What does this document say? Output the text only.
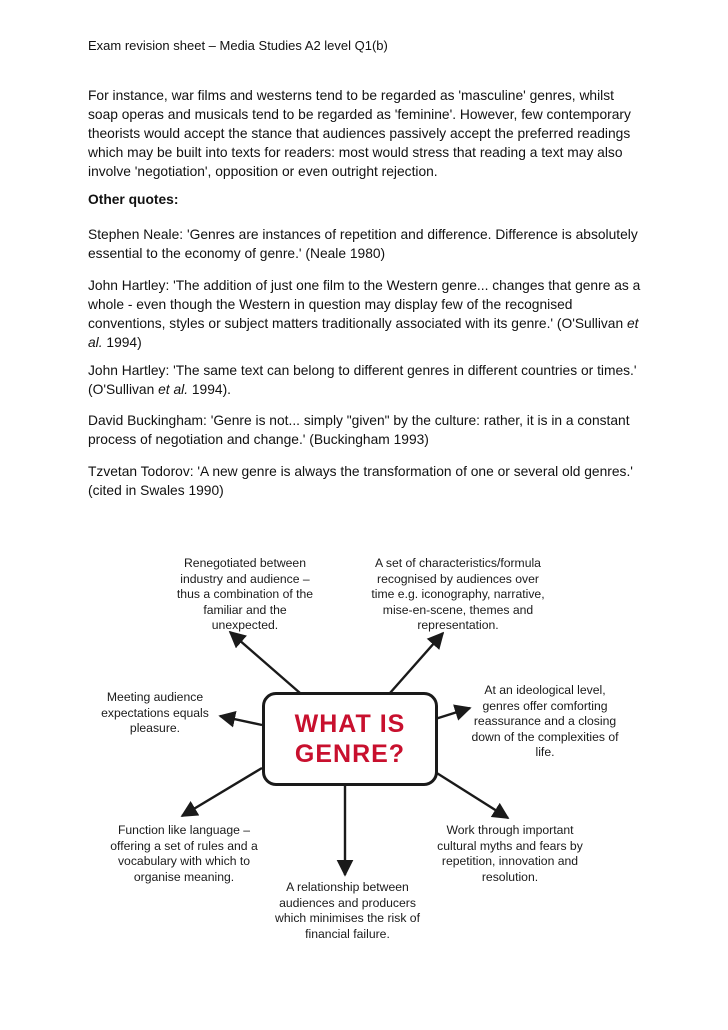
Exam revision sheet – Media Studies A2 level Q1(b)
For instance, war films and westerns tend to be regarded as 'masculine' genres, whilst soap operas and musicals tend to be regarded as 'feminine'. However, few contemporary theorists would accept the stance that audiences passively accept the preferred readings which may be built into texts for readers: most would stress that reading a text may also involve 'negotiation', opposition or even outright rejection.
Other quotes:
Stephen Neale: 'Genres are instances of repetition and difference. Difference is absolutely essential to the economy of genre.' (Neale 1980)
John Hartley: 'The addition of just one film to the Western genre... changes that genre as a whole - even though the Western in question may display few of the recognised conventions, styles or subject matters traditionally associated with its genre.' (O'Sullivan et al. 1994)
John Hartley: 'The same text can belong to different genres in different countries or times.' (O'Sullivan et al. 1994).
David Buckingham: 'Genre is not... simply "given" by the culture: rather, it is in a constant process of negotiation and change.' (Buckingham 1993)
Tzvetan Todorov: 'A new genre is always the transformation of one or several old genres.' (cited in Swales 1990)
WHAT IS
GENRE?
Renegotiated between industry and audience – thus a combination of the familiar and the unexpected.
A set of characteristics/formula recognised by audiences over time e.g. iconography, narrative, mise-en-scene, themes and representation.
Meeting audience expectations equals pleasure.
At an ideological level, genres offer comforting reassurance and a closing down of the complexities of life.
Function like language – offering a set of rules and a vocabulary with which to organise meaning.
A relationship between audiences and producers which minimises the risk of financial failure.
Work through important cultural myths and fears by repetition, innovation and resolution.
